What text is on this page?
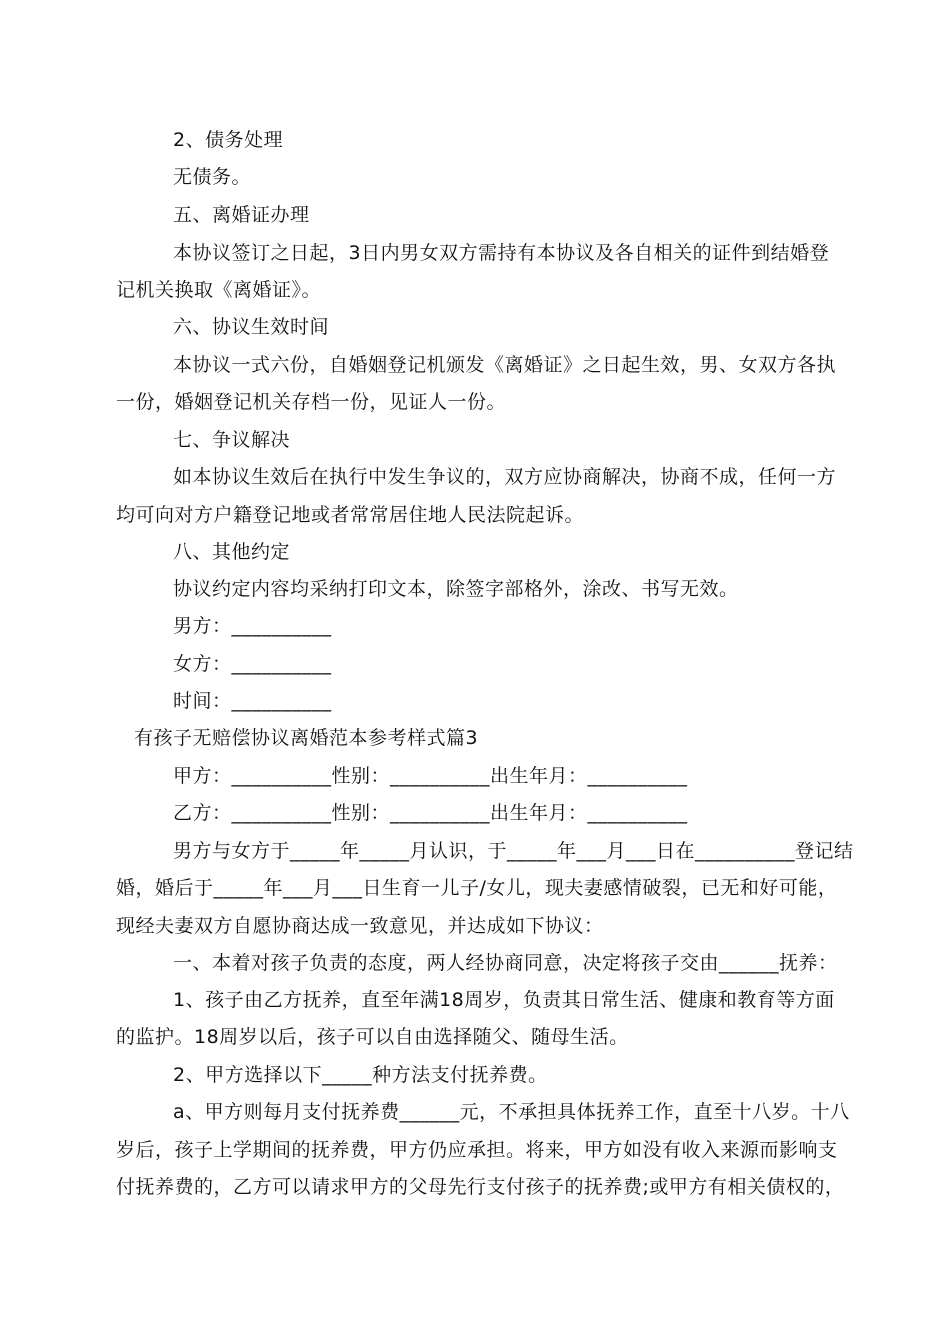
2、债务处理
无债务。
五、离婚证办理
本协议签订之日起，3日内男女双方需持有本协议及各自相关的证件到结婚登
记机关换取《离婚证》。
六、协议生效时间
本协议一式六份，自婚姻登记机颁发《离婚证》之日起生效，男、女双方各执
一份，婚姻登记机关存档一份，见证人一份。
七、争议解决
如本协议生效后在执行中发生争议的，双方应协商解决，协商不成，任何一方
均可向对方户籍登记地或者常常居住地人民法院起诉。
八、其他约定
协议约定内容均采纳打印文本，除签字部格外，涂改、书写无效。
男方：__________
女方：__________
时间：__________
有孩子无赔偿协议离婚范本参考样式篇3
甲方：__________性别：__________出生年月：__________
乙方：__________性别：__________出生年月：__________
男方与女方于_____年_____月认识，于_____年___月___日在__________登记结
婚，婚后于_____年___月___日生育一儿子/女儿，现夫妻感情破裂，已无和好可能，
现经夫妻双方自愿协商达成一致意见，并达成如下协议：
一、本着对孩子负责的态度，两人经协商同意，决定将孩子交由______抚养：
1、孩子由乙方抚养，直至年满18周岁，负责其日常生活、健康和教育等方面
的监护。18周岁以后，孩子可以自由选择随父、随母生活。
2、甲方选择以下_____种方法支付抚养费。
a、甲方则每月支付抚养费______元，不承担具体抚养工作，直至十八岁。十八
岁后，孩子上学期间的抚养费，甲方仍应承担。将来，甲方如没有收入来源而影响支
付抚养费的，乙方可以请求甲方的父母先行支付孩子的抚养费;或甲方有相关债权的，
